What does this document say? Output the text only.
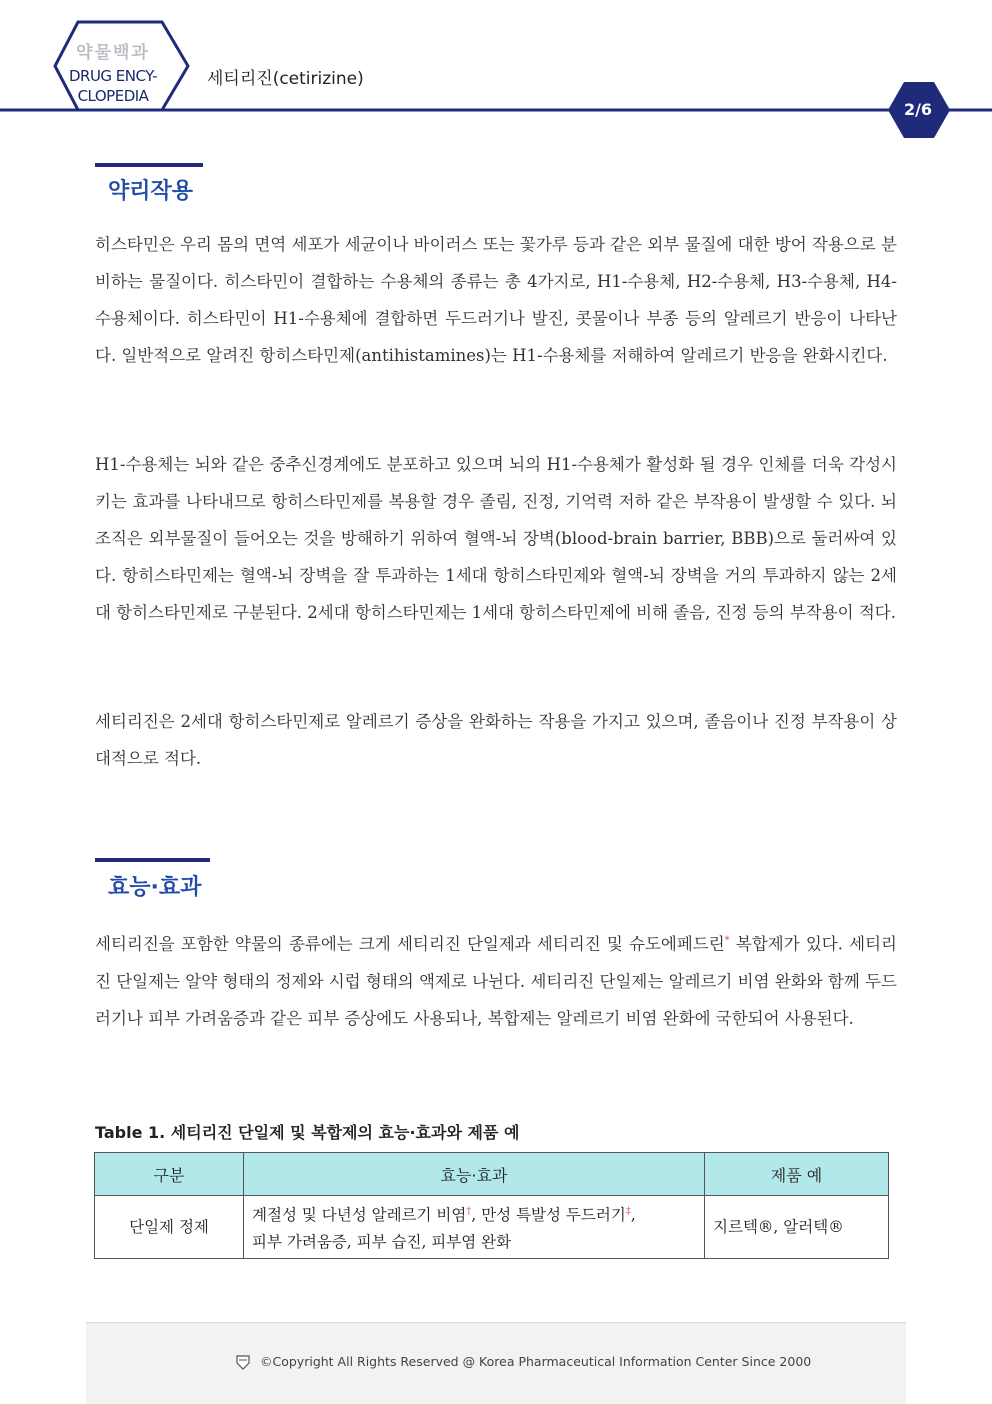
약물백과
DRUG ENCY-
CLOPEDIA
세티리진(cetirizine)
2/6
약리작용

히스타민은 우리 몸의 면역 세포가 세균이나 바이러스 또는 꽃가루 등과 같은 외부 물질에 대한 방어 작용으로 분비하는 물질이다. 히스타민이 결합하는 수용체의 종류는 총 4가지로, H1-수용체, H2-수용체, H3-수용체, H4-수용체이다. 히스타민이 H1-수용체에 결합하면 두드러기나 발진, 콧물이나 부종 등의 알레르기 반응이 나타난다. 일반적으로 알려진 항히스타민제(antihistamines)는 H1-수용체를 저해하여 알레르기 반응을 완화시킨다.

H1-수용체는 뇌와 같은 중추신경계에도 분포하고 있으며 뇌의 H1-수용체가 활성화 될 경우 인체를 더욱 각성시키는 효과를 나타내므로 항히스타민제를 복용할 경우 졸림, 진정, 기억력 저하 같은 부작용이 발생할 수 있다. 뇌조직은 외부물질이 들어오는 것을 방해하기 위하여 혈액-뇌 장벽(blood-brain barrier, BBB)으로 둘러싸여 있다. 항히스타민제는 혈액-뇌 장벽을 잘 투과하는 1세대 항히스타민제와 혈액-뇌 장벽을 거의 투과하지 않는 2세대 항히스타민제로 구분된다. 2세대 항히스타민제는 1세대 항히스타민제에 비해 졸음, 진정 등의 부작용이 적다.

세티리진은 2세대 항히스타민제로 알레르기 증상을 완화하는 작용을 가지고 있으며, 졸음이나 진정 부작용이 상대적으로 적다.

효능·효과

세티리진을 포함한 약물의 종류에는 크게 세티리진 단일제과 세티리진 및 슈도에페드린* 복합제가 있다. 세티리진 단일제는 알약 형태의 정제와 시럽 형태의 액제로 나뉜다. 세티리진 단일제는 알레르기 비염 완화와 함께 두드러기나 피부 가려움증과 같은 피부 증상에도 사용되나, 복합제는 알레르기 비염 완화에 국한되어 사용된다.

Table 1. 세티리진 단일제 및 복합제의 효능·효과와 제품 예
구분	효능·효과	제품 예
단일제 정제	계절성 및 다년성 알레르기 비염†, 만성 특발성 두드러기‡,
피부 가려움증, 피부 습진, 피부염 완화	지르텍®, 알러텍®
©Copyright All Rights Reserved @ Korea Pharmaceutical Information Center Since 2000
